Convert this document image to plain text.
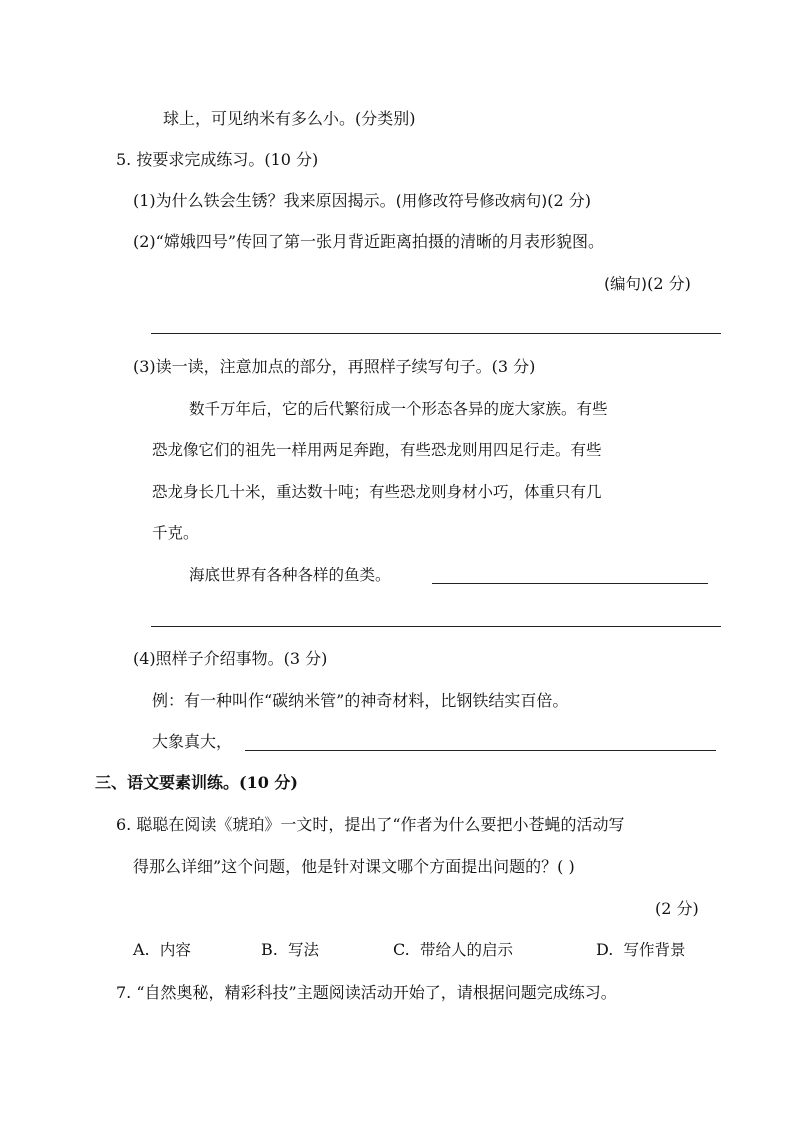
球上，可见纳米有多么小。(分类别)
5. 按要求完成练习。(10 分)
(1)为什么铁会生锈？我来原因揭示。(用修改符号修改病句)(2 分)
(2)“嫦娥四号”传回了第一张月背近距离拍摄的清晰的月表形貌图。
(编句)(2 分)
(3)读一读，注意加点的部分，再照样子续写句子。(3 分)
数千万年后，它的后代繁衍成一个形态各异的庞大家族。有些
恐龙像它们的祖先一样用两足奔跑，有些恐龙则用四足行走。有些
恐龙身长几十米，重达数十吨；有些恐龙则身材小巧，体重只有几
千克。
海底世界有各种各样的鱼类。
(4)照样子介绍事物。(3 分)
例：有一种叫作“碳纳米管”的神奇材料，比钢铁结实百倍。
大象真大，
三、语文要素训练。(10 分)
6. 聪聪在阅读《琥珀》一文时，提出了“作者为什么要把小苍蝇的活动写
得那么详细”这个问题，他是针对课文哪个方面提出问题的？( )
(2 分)
A. 内容	B. 写法	C. 带给人的启示	D. 写作背景
7. “自然奥秘，精彩科技”主题阅读活动开始了，请根据问题完成练习。
